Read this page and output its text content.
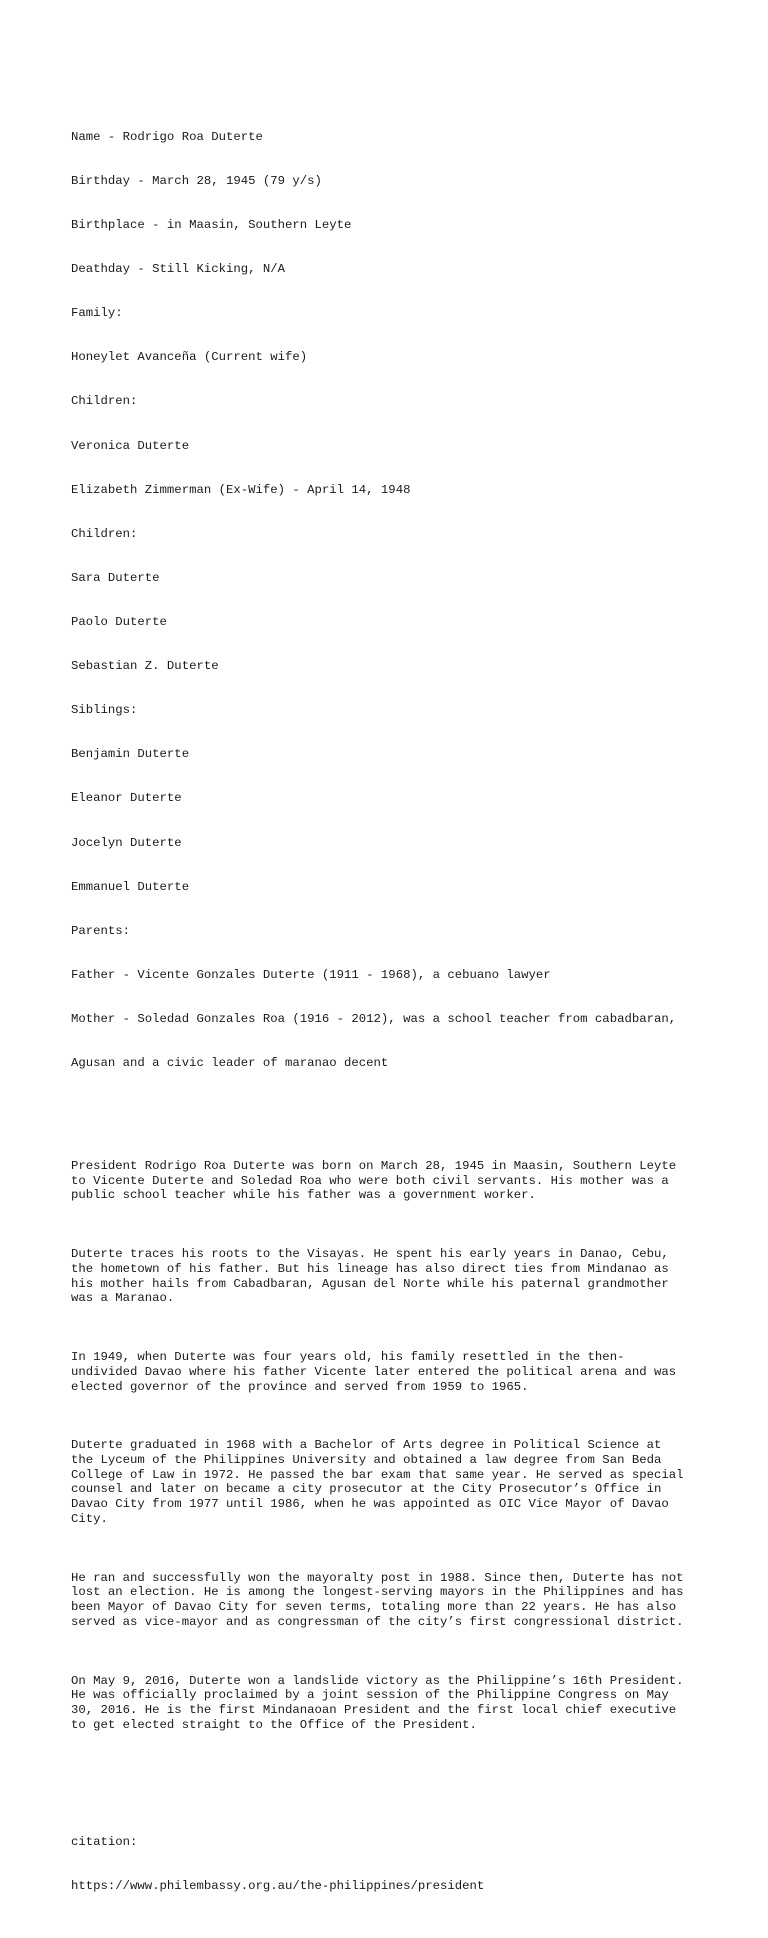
Name - Rodrigo Roa Duterte

Birthday - March 28, 1945 (79 y/s)

Birthplace - in Maasin, Southern Leyte

Deathday - Still Kicking, N/A

Family:

Honeylet Avanceña (Current wife)

Children:

Veronica Duterte

Elizabeth Zimmerman (Ex-Wife) - April 14, 1948

Children:

Sara Duterte

Paolo Duterte

Sebastian Z. Duterte

Siblings:

Benjamin Duterte

Eleanor Duterte

Jocelyn Duterte

Emmanuel Duterte

Parents:

Father - Vicente Gonzales Duterte (1911 - 1968), a cebuano lawyer

Mother - Soledad Gonzales Roa (1916 - 2012), was a school teacher from cabadbaran,

Agusan and a civic leader of maranao decent

President Rodrigo Roa Duterte was born on March 28, 1945 in Maasin, Southern Leyte
to Vicente Duterte and Soledad Roa who were both civil servants. His mother was a
public school teacher while his father was a government worker.

Duterte traces his roots to the Visayas. He spent his early years in Danao, Cebu,
the hometown of his father. But his lineage has also direct ties from Mindanao as
his mother hails from Cabadbaran, Agusan del Norte while his paternal grandmother
was a Maranao.

In 1949, when Duterte was four years old, his family resettled in the then-
undivided Davao where his father Vicente later entered the political arena and was
elected governor of the province and served from 1959 to 1965.

Duterte graduated in 1968 with a Bachelor of Arts degree in Political Science at
the Lyceum of the Philippines University and obtained a law degree from San Beda
College of Law in 1972. He passed the bar exam that same year. He served as special
counsel and later on became a city prosecutor at the City Prosecutor’s Office in
Davao City from 1977 until 1986, when he was appointed as OIC Vice Mayor of Davao
City.

He ran and successfully won the mayoralty post in 1988. Since then, Duterte has not
lost an election. He is among the longest-serving mayors in the Philippines and has
been Mayor of Davao City for seven terms, totaling more than 22 years. He has also
served as vice-mayor and as congressman of the city’s first congressional district.

On May 9, 2016, Duterte won a landslide victory as the Philippine’s 16th President.
He was officially proclaimed by a joint session of the Philippine Congress on May
30, 2016. He is the first Mindanaoan President and the first local chief executive
to get elected straight to the Office of the President.

citation:

https://www.philembassy.org.au/the-philippines/president
